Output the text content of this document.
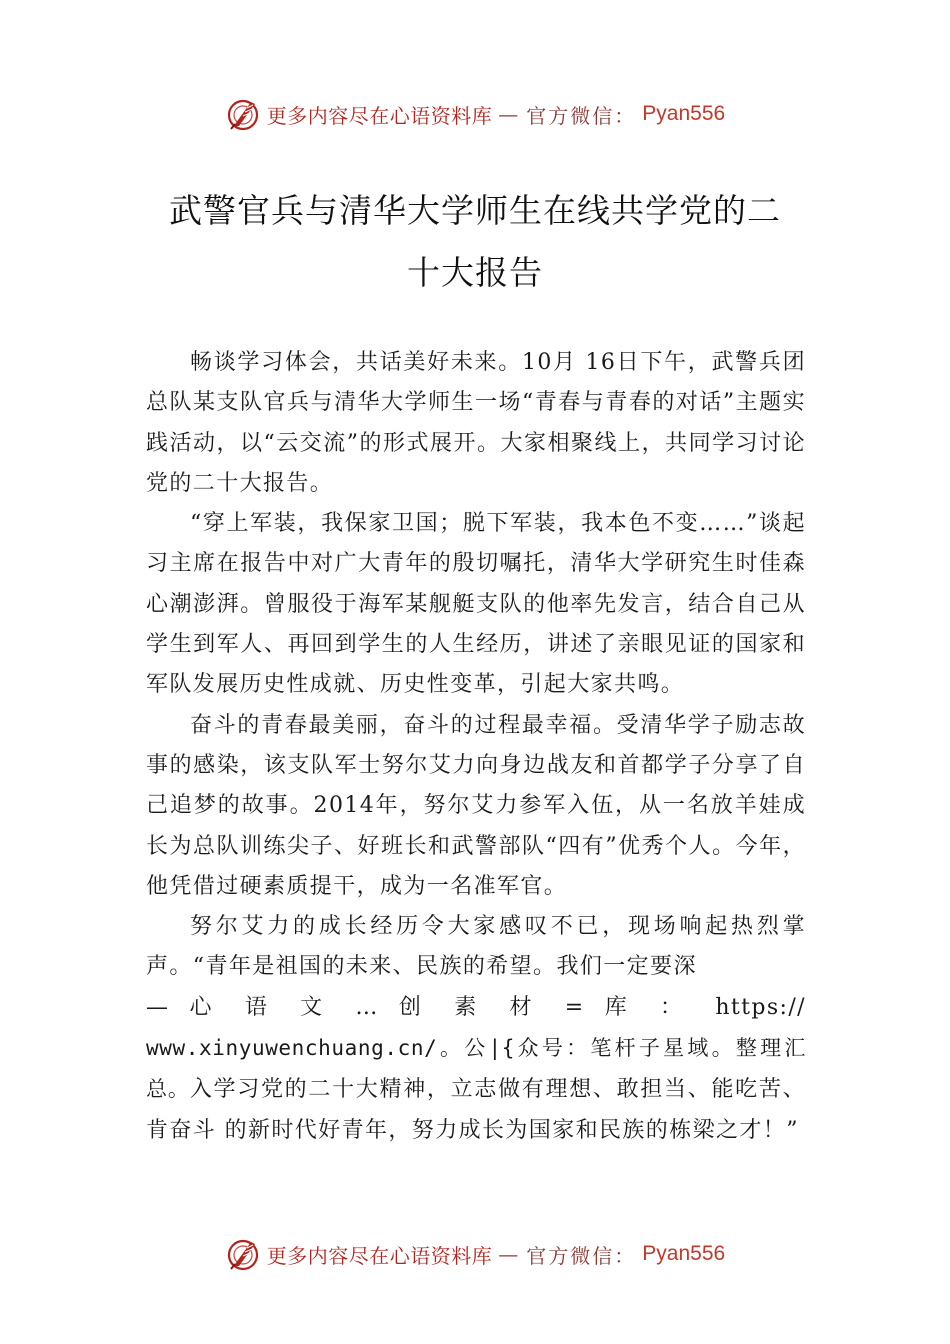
更多内容尽在心语资料库 — 官方微信： Pyan556
武警官兵与清华大学师生在线共学党的二
十大报告

畅谈学习体会，共话美好未来。10月 16日下午，武警兵团总队某支队官兵与清华大学师生一场“青春与青春的对话”主题实践活动，以“云交流”的形式展开。大家相聚线上，共同学习讨论党的二十大报告。

“穿上军装，我保家卫国；脱下军装，我本色不变……”谈起习主席在报告中对广大青年的殷切嘱托，清华大学研究生时佳森心潮澎湃。曾服役于海军某舰艇支队的他率先发言，结合自己从学生到军人、再回到学生的人生经历，讲述了亲眼见证的国家和军队发展历史性成就、历史性变革，引起大家共鸣。

奋斗的青春最美丽，奋斗的过程最幸福。受清华学子励志故事的感染，该支队军士努尔艾力向身边战友和首都学子分享了自己追梦的故事。2014年，努尔艾力参军入伍，从一名放羊娃成长为总队训练尖子、好班长和武警部队“四有”优秀个人。今年，他凭借过硬素质提干，成为一名准军官。

努尔艾力的成长经历令大家感叹不已，现场响起热烈掌声。“青年是祖国的未来、民族的希望。我们一定要深
— 心 语 文 … 创 素 材 = 库 ： https://
www.xinyuwenchuang.cn/。公|{众号：笔杆子星域。整理汇总。入学习党的二十大精神，立志做有理想、敢担当、能吃苦、肯奋斗 的新时代好青年，努力成长为国家和民族的栋梁之才！”

更多内容尽在心语资料库 — 官方微信： Pyan556
